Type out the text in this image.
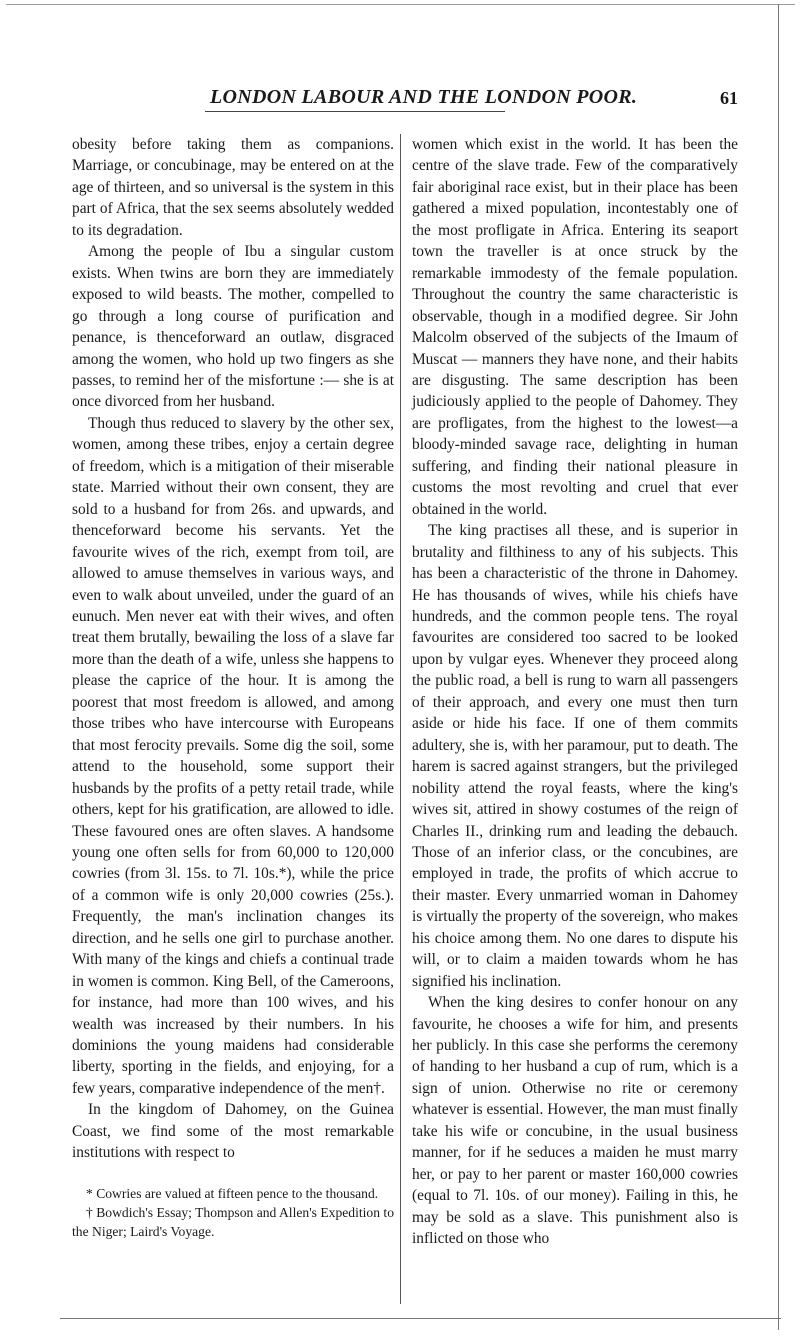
LONDON LABOUR AND THE LONDON POOR.	61

obesity before taking them as companions. Marriage, or concubinage, may be entered on at the age of thirteen, and so universal is the system in this part of Africa, that the sex seems absolutely wedded to its degradation.

Among the people of Ibu a singular custom exists. When twins are born they are immediately exposed to wild beasts. The mother, compelled to go through a long course of purification and penance, is thenceforward an outlaw, disgraced among the women, who hold up two fingers as she passes, to remind her of the misfortune :— she is at once divorced from her husband.

Though thus reduced to slavery by the other sex, women, among these tribes, enjoy a certain degree of freedom, which is a mitigation of their miserable state. Married without their own consent, they are sold to a husband for from 26s. and upwards, and thenceforward become his servants. Yet the favourite wives of the rich, exempt from toil, are allowed to amuse themselves in various ways, and even to walk about unveiled, under the guard of an eunuch. Men never eat with their wives, and often treat them brutally, bewailing the loss of a slave far more than the death of a wife, unless she happens to please the caprice of the hour. It is among the poorest that most freedom is allowed, and among those tribes who have intercourse with Europeans that most ferocity prevails. Some dig the soil, some attend to the household, some support their husbands by the profits of a petty retail trade, while others, kept for his gratification, are allowed to idle. These favoured ones are often slaves. A handsome young one often sells for from 60,000 to 120,000 cowries (from 3l. 15s. to 7l. 10s.*), while the price of a common wife is only 20,000 cowries (25s.). Frequently, the man's inclination changes its direction, and he sells one girl to purchase another. With many of the kings and chiefs a continual trade in women is common. King Bell, of the Cameroons, for instance, had more than 100 wives, and his wealth was increased by their numbers. In his dominions the young maidens had considerable liberty, sporting in the fields, and enjoying, for a few years, comparative independence of the men†.

In the kingdom of Dahomey, on the Guinea Coast, we find some of the most remarkable institutions with respect to

* Cowries are valued at fifteen pence to the thousand.

† Bowdich's Essay; Thompson and Allen's Expedition to the Niger; Laird's Voyage.

women which exist in the world. It has been the centre of the slave trade. Few of the comparatively fair aboriginal race exist, but in their place has been gathered a mixed population, incontestably one of the most profligate in Africa. Entering its seaport town the traveller is at once struck by the remarkable immodesty of the female population. Throughout the country the same characteristic is observable, though in a modified degree. Sir John Malcolm observed of the subjects of the Imaum of Muscat — manners they have none, and their habits are disgusting. The same description has been judiciously applied to the people of Dahomey. They are profligates, from the highest to the lowest—a bloody-minded savage race, delighting in human suffering, and finding their national pleasure in customs the most revolting and cruel that ever obtained in the world.

The king practises all these, and is superior in brutality and filthiness to any of his subjects. This has been a characteristic of the throne in Dahomey. He has thousands of wives, while his chiefs have hundreds, and the common people tens. The royal favourites are considered too sacred to be looked upon by vulgar eyes. Whenever they proceed along the public road, a bell is rung to warn all passengers of their approach, and every one must then turn aside or hide his face. If one of them commits adultery, she is, with her paramour, put to death. The harem is sacred against strangers, but the privileged nobility attend the royal feasts, where the king's wives sit, attired in showy costumes of the reign of Charles II., drinking rum and leading the debauch. Those of an inferior class, or the concubines, are employed in trade, the profits of which accrue to their master. Every unmarried woman in Dahomey is virtually the property of the sovereign, who makes his choice among them. No one dares to dispute his will, or to claim a maiden towards whom he has signified his inclination.

When the king desires to confer honour on any favourite, he chooses a wife for him, and presents her publicly. In this case she performs the ceremony of handing to her husband a cup of rum, which is a sign of union. Otherwise no rite or ceremony whatever is essential. However, the man must finally take his wife or concubine, in the usual business manner, for if he seduces a maiden he must marry her, or pay to her parent or master 160,000 cowries (equal to 7l. 10s. of our money). Failing in this, he may be sold as a slave. This punishment also is inflicted on those who
